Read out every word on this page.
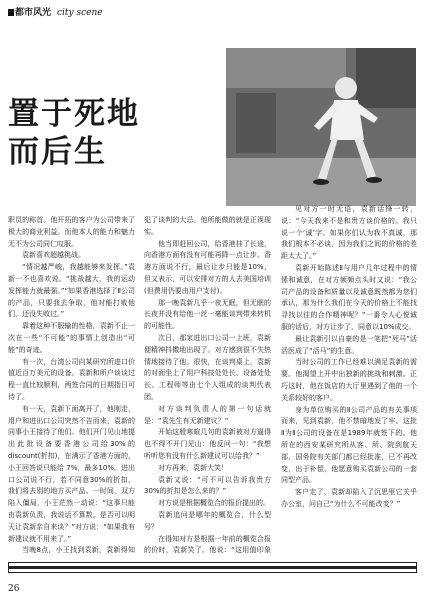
都市风光 city scene
置于死地
而后生

职员的称首。他开拓的客户为公司带来了极大的商业利益。而他本人的能力和魅力无不为公司同仁叹服。

袁新喜欢超越挑战。

“情况越严峻，我越能够来发挥。”袁新一不也喜欢说。“挑战越大，我的运动发挥能力就最强。”“如果香港选择了Ⅱ公司的产品，只要我去争取，他对能打败他们，还没失败过。”

靠着这种不服输的性格，袁新不止一次在一些“不可能”的事情上创造出“可能”的奇迹。

有一次，台湾公司向某研究所进口价值近百万美元的设备。袁新和所户谈谈过程一直比较顺利，两签合同的日期指日可待了。

有一天，袁新下面离开了，他刚走，用户和进出口公司突然不告而来，袁新的同事小王接待了他们。他们开门见山地提出此批设备要香港公司给30%的 discount(折扣)，在满示了香港方面的，小王回答说只能给 7%，最多10%。进出口公司说不行，若不同意30%的折扣，我们将去别的地方买产品。一时间，双方陷入僵局，小王茫然一动说：“这事只能由袁新负责，我说话不算数。是否可以明天让袁新亲自来谈？”对方说：“如果我有新建议就不用来了。”

当晚8点，小王找到袁新，袁新得知

犯了谈判的大忌。他所能做的就是正视现实。

他当即赶回公司，给香港挂了长途，向香港方面有没有可能再降一点让步。香港方面说不行，最后让步只能是10%，但又表示，可以安排对方的人去美国培训(但费用仍要由用户支付)。

那一晚袁新几乎一夜无眠，但无眠的长夜并没有给他一丝一毫能谈判带来转机的可能性。

次日，那家进出口公司一上班，袁新便精神抖擞地出现了。对方感到很不失热情地接待了他。很快，在谈判桌上，袁新的对面坐上了用户科技处处长、设备处处长、工程师等由七个人组成的谈判代表团。

对方谈判负责人的第一句话就是：“袁先生有无新建议？”

开始这般寒暄几句的袁新被对方逼得也不得不开门见山：他反问一句：“我想听听您有没有什么新建议可以给我？”

对方再来，袁新大笑！

袁新又说：“可不可以告诉我贵方30%的折扣是怎么来的？”

对方说是根据概览合的报价提出的。

袁新追问是哪年的概览合，什么型号？

在得知对方是根据一年前的概览合报的价时，袁新笑了。他说：“这用值印象

见对方一时无语，袁新话锋一转，说：“今天我来不是和贵方谈价格的。我只说一个‘诚’字。如果你们认为我不真诚，那我们根本不必谈，因为我们之间的价格的差距太大了。”

袁新开始陈述Ⅱ与用户几年过程中的情愫和诚意，在对方频频点头时又说：“我公司产品的设备和质量以及诚意既然都为您们承认，那为什么我们在今天的价格上不能找寻找以往的合作精神呢？”一番令人心悦诚服的话后，对方让步了，同意以10%成交。

最让袁新引以自豪的是一笔把“死马”活活医成了“活马”的生意。

当时公司的工作已经难以满足袁新的需要。他渴望上开中出独新的挑战和刺激。正巧这时，他在饭店的大厅里遇到了他的一个关系较好的客户。

身为单位购买的Ⅱ公司产品的有关事项而来，见到袁新，他不禁暗地发了牢。这批Ⅱ为Ⅱ公司的设备在是1989年就签下的。他所在的西安某研究所从客、所、院到航天部、国务院有关部门都已经批准，已不再改变，出于补偿，他愿意购买袁新公司的一套同型产品。

客户走了，袁新却陷入了沉思里它关乎办公室，问自己“为什么不可能改变？”

26
